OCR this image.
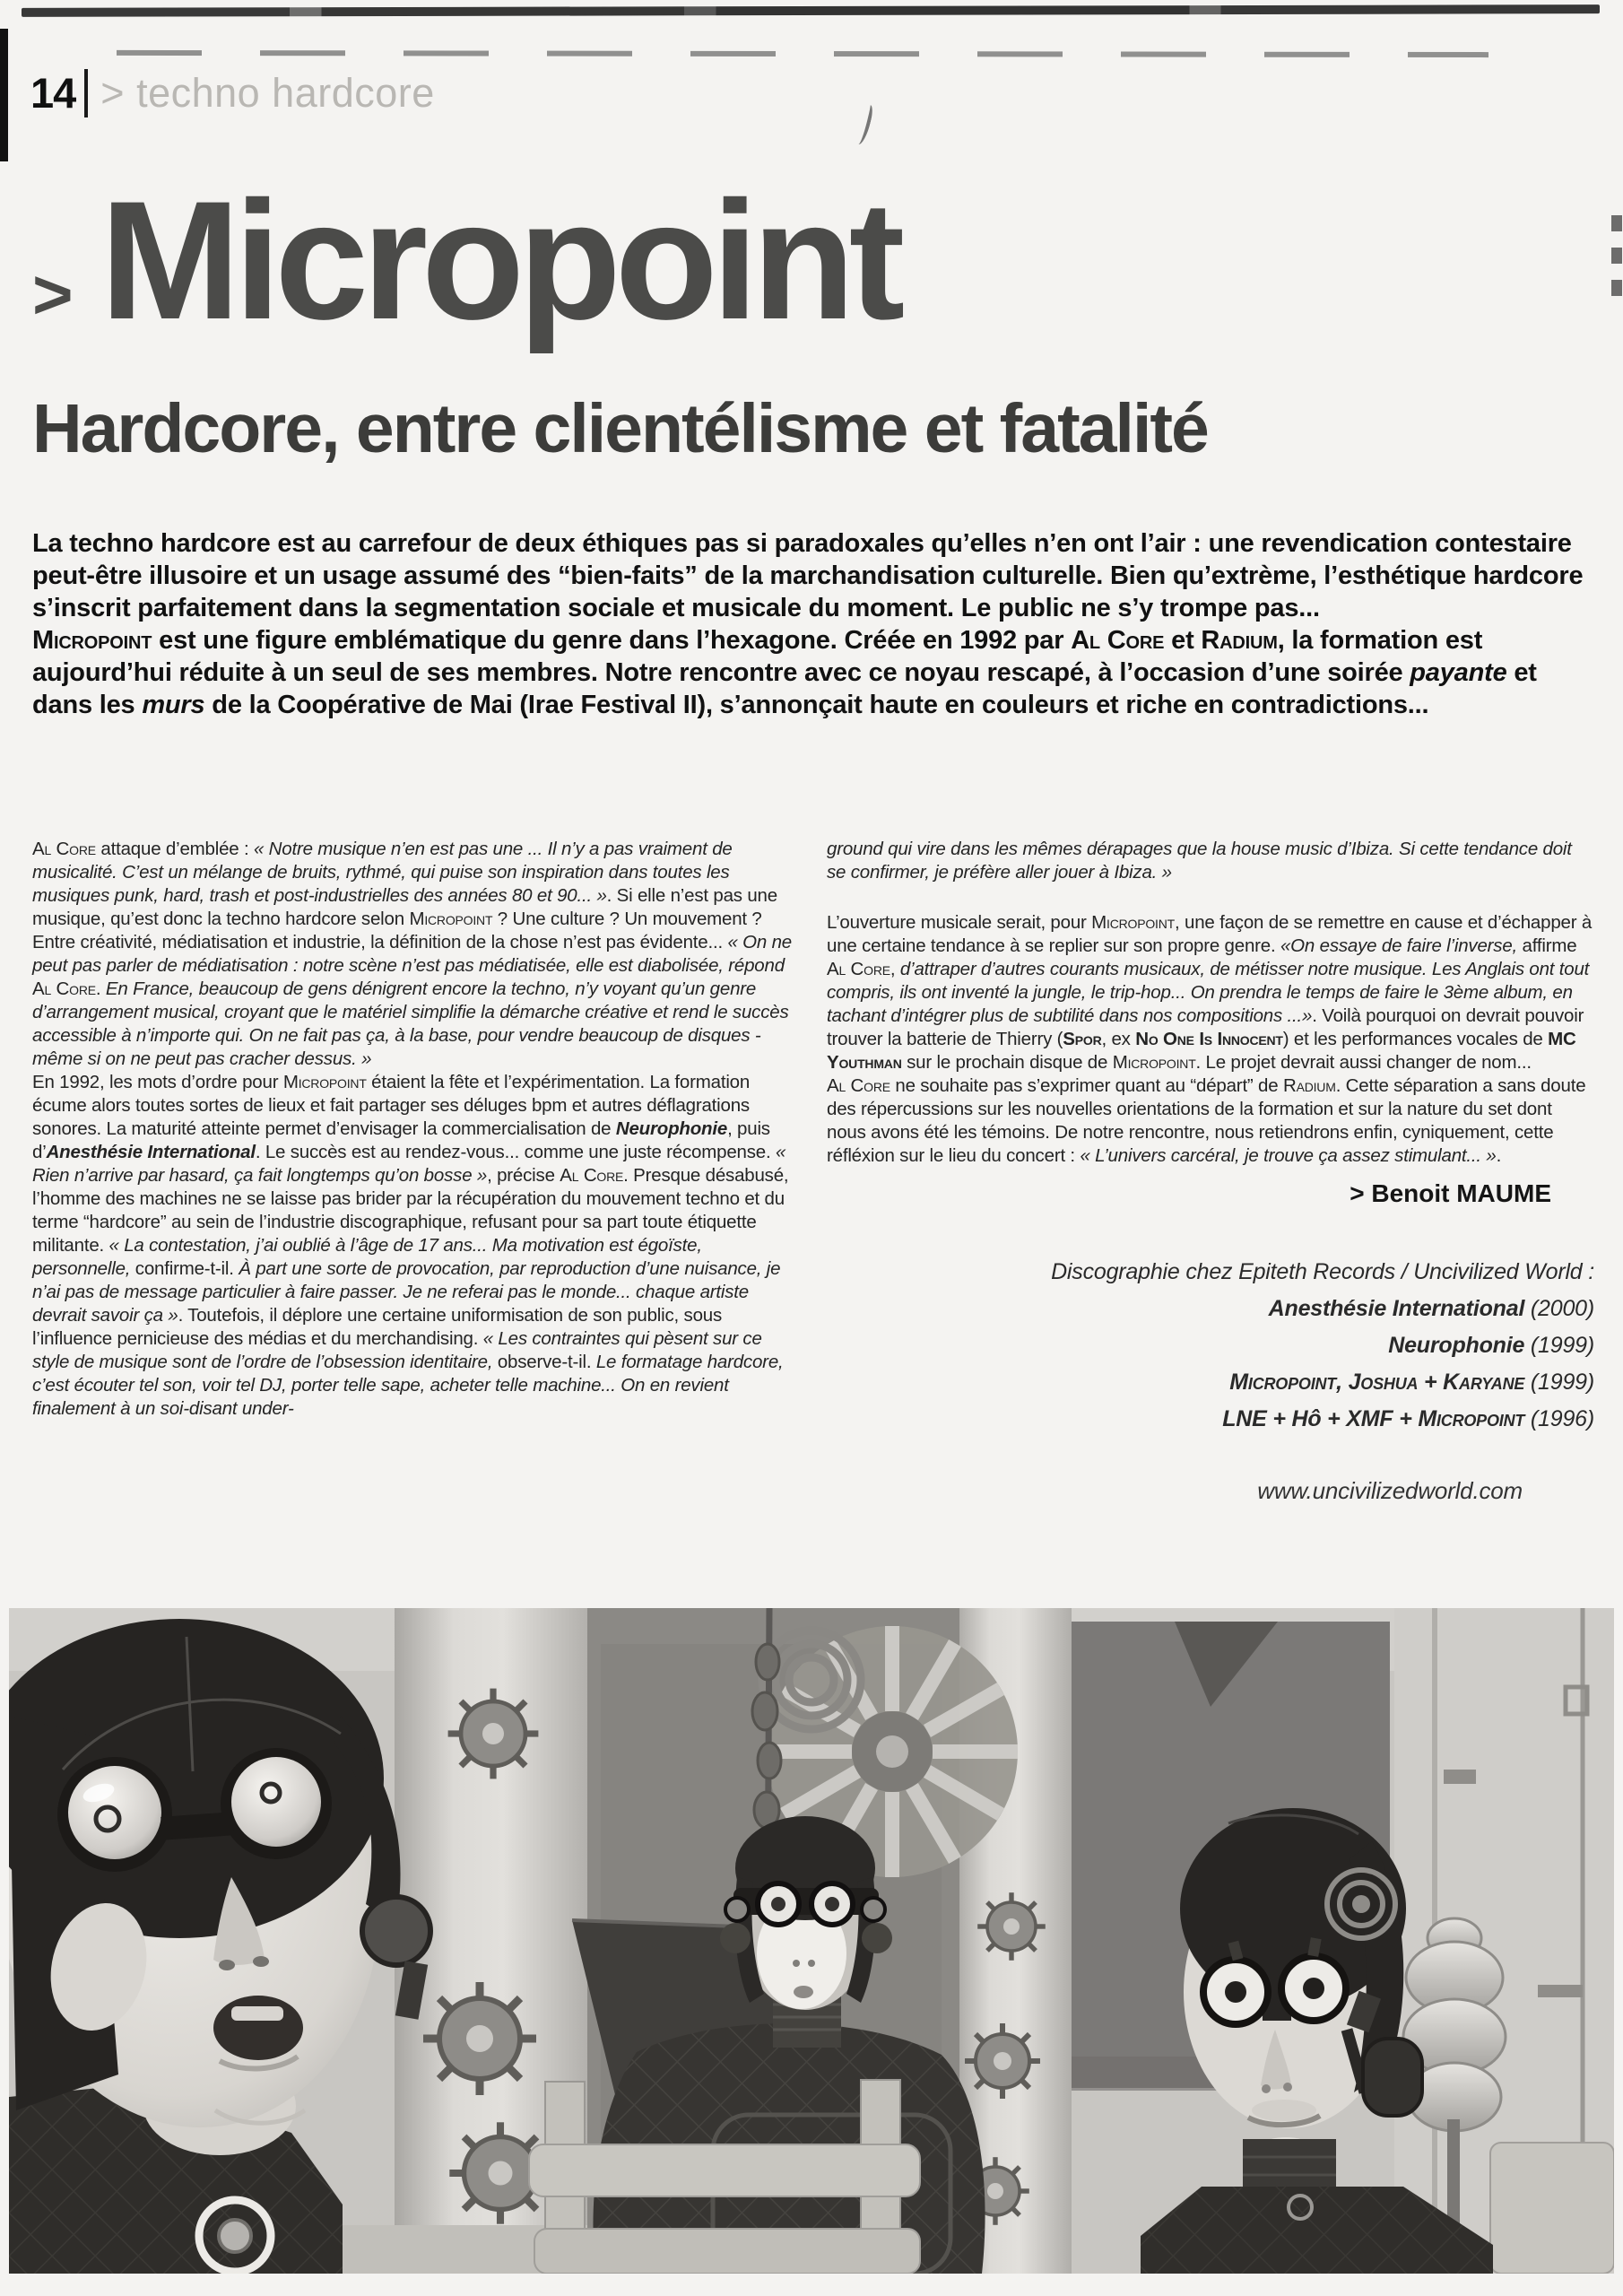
14 > techno hardcore
> Micropoint
Hardcore, entre clientélisme et fatalité

La techno hardcore est au carrefour de deux éthiques pas si paradoxales qu’elles n’en ont l’air : une revendication contestaire peut-être illusoire et un usage assumé des “bien-faits” de la marchandisation culturelle. Bien qu’extrème, l’esthétique hardcore s’inscrit parfaitement dans la segmentation sociale et musicale du moment. Le public ne s’y trompe pas...

Micropoint est une figure emblématique du genre dans l’hexagone. Créée en 1992 par Al Core et Radium, la formation est aujourd’hui réduite à un seul de ses membres. Notre rencontre avec ce noyau rescapé, à l’occasion d’une soirée payante et dans les murs de la Coopérative de Mai (Irae Festival II), s’annonçait haute en couleurs et riche en contradictions...

Al Core attaque d’emblée : « Notre musique n’en est pas une ... Il n’y a pas vraiment de musicalité. C’est un mélange de bruits, rythmé, qui puise son inspiration dans toutes les musiques punk, hard, trash et post-industrielles des années 80 et 90... ». Si elle n’est pas une musique, qu’est donc la techno hardcore selon Micropoint ? Une culture ? Un mouvement ? Entre créativité, médiatisation et industrie, la définition de la chose n’est pas évidente... « On ne peut pas parler de médiatisation : notre scène n’est pas médiatisée, elle est diabolisée, répond Al Core. En France, beaucoup de gens dénigrent encore la techno, n’y voyant qu’un genre d’arrangement musical, croyant que le matériel simplifie la démarche créative et rend le succès accessible à n’importe qui. On ne fait pas ça, à la base, pour vendre beaucoup de disques - même si on ne peut pas cracher dessus. »

En 1992, les mots d’ordre pour Micropoint étaient la fête et l’expérimentation. La formation écume alors toutes sortes de lieux et fait partager ses déluges bpm et autres déflagrations sonores. La maturité atteinte permet d’envisager la commercialisation de Neurophonie, puis d’Anesthésie International. Le succès est au rendez-vous... comme une juste récompense. « Rien n’arrive par hasard, ça fait longtemps qu’on bosse », précise Al Core. Presque désabusé, l’homme des machines ne se laisse pas brider par la récupération du mouvement techno et du terme “hardcore” au sein de l’industrie discographique, refusant pour sa part toute étiquette militante. « La contestation, j’ai oublié à l’âge de 17 ans... Ma motivation est égoïste, personnelle, confirme-t-il. À part une sorte de provocation, par reproduction d’une nuisance, je n’ai pas de message particulier à faire passer. Je ne referai pas le monde... chaque artiste devrait savoir ça ». Toutefois, il déplore une certaine uniformisation de son public, sous l’influence pernicieuse des médias et du merchandising. « Les contraintes qui pèsent sur ce style de musique sont de l’ordre de l’obsession identitaire, observe-t-il. Le formatage hardcore, c’est écouter tel son, voir tel DJ, porter telle sape, acheter telle machine... On en revient finalement à un soi-disant under-

ground qui vire dans les mêmes dérapages que la house music d’Ibiza. Si cette tendance doit se confirmer, je préfère aller jouer à Ibiza. »

L’ouverture musicale serait, pour Micropoint, une façon de se remettre en cause et d’échapper à une certaine tendance à se replier sur son propre genre. «On essaye de faire l’inverse, affirme Al Core, d’attraper d’autres courants musicaux, de métisser notre musique. Les Anglais ont tout compris, ils ont inventé la jungle, le trip-hop... On prendra le temps de faire le 3ème album, en tachant d’intégrer plus de subtilité dans nos compositions ...». Voilà pourquoi on devrait pouvoir trouver la batterie de Thierry (Spor, ex No One Is Innocent) et les performances vocales de MC Youthman sur le prochain disque de Micropoint. Le projet devrait aussi changer de nom...

Al Core ne souhaite pas s’exprimer quant au “départ” de Radium. Cette séparation a sans doute des répercussions sur les nouvelles orientations de la formation et sur la nature du set dont nous avons été les témoins. De notre rencontre, nous retiendrons enfin, cyniquement, cette réfléxion sur le lieu du concert : « L’univers carcéral, je trouve ça assez stimulant... ».

> Benoit MAUME

Discographie chez Epiteth Records / Uncivilized World :

Anesthésie International (2000)

Neurophonie (1999)

Micropoint, Joshua + Karyane (1999)

LNE + Hô + XMF + Micropoint (1996)

www.uncivilizedworld.com
